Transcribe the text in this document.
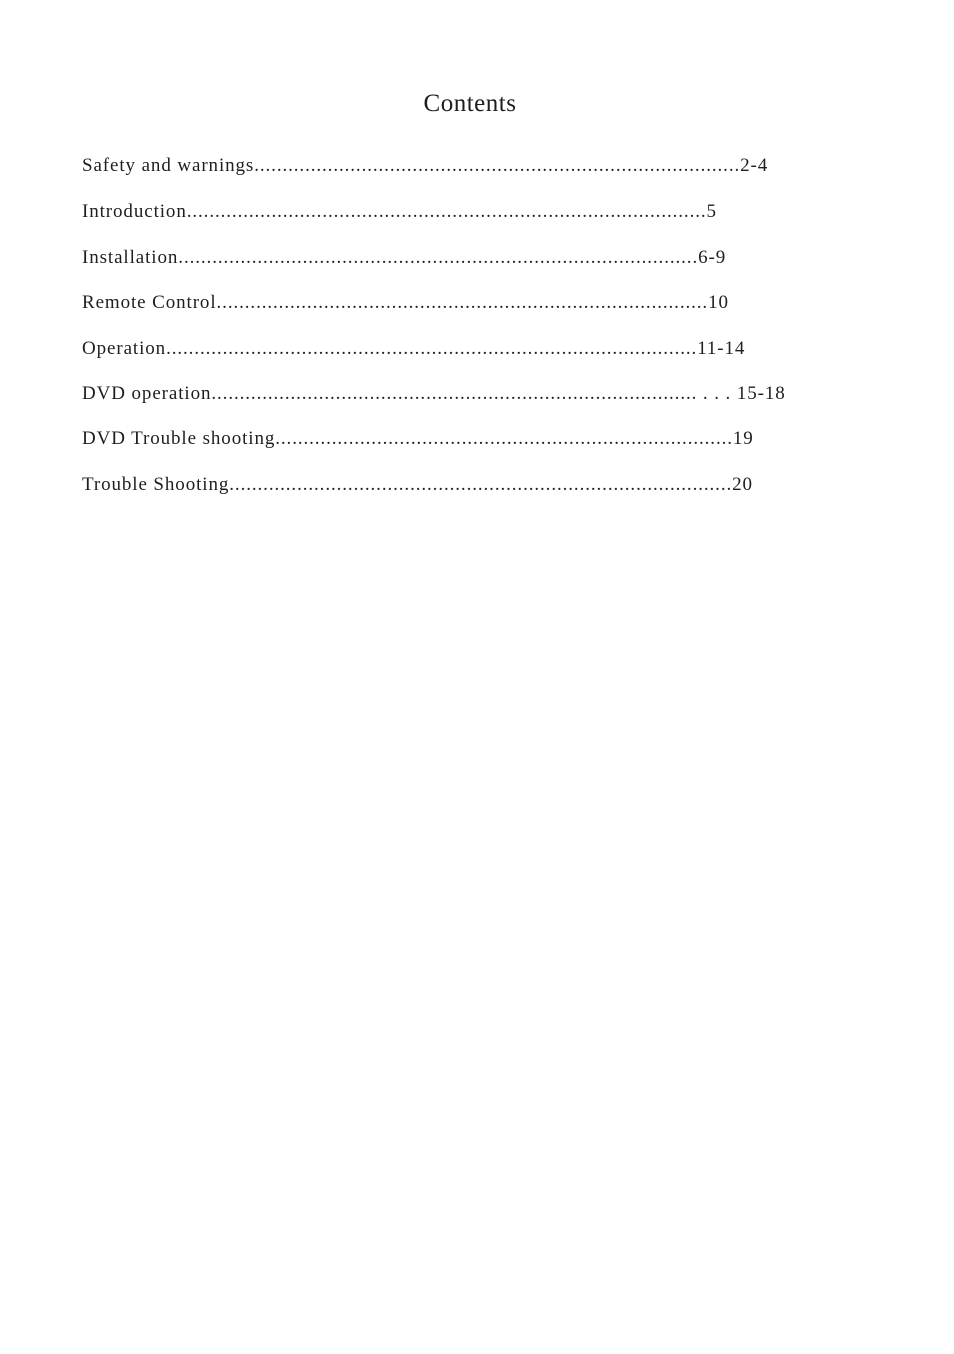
Contents
Safety and warnings......................................................................................2-4
Introduction............................................................................................5
Installation............................................................................................6-9
Remote Control.......................................................................................10
Operation..............................................................................................11-14
DVD operation...................................................................................... . . . 15-18
DVD Trouble shooting.................................................................................19
Trouble Shooting.........................................................................................20
